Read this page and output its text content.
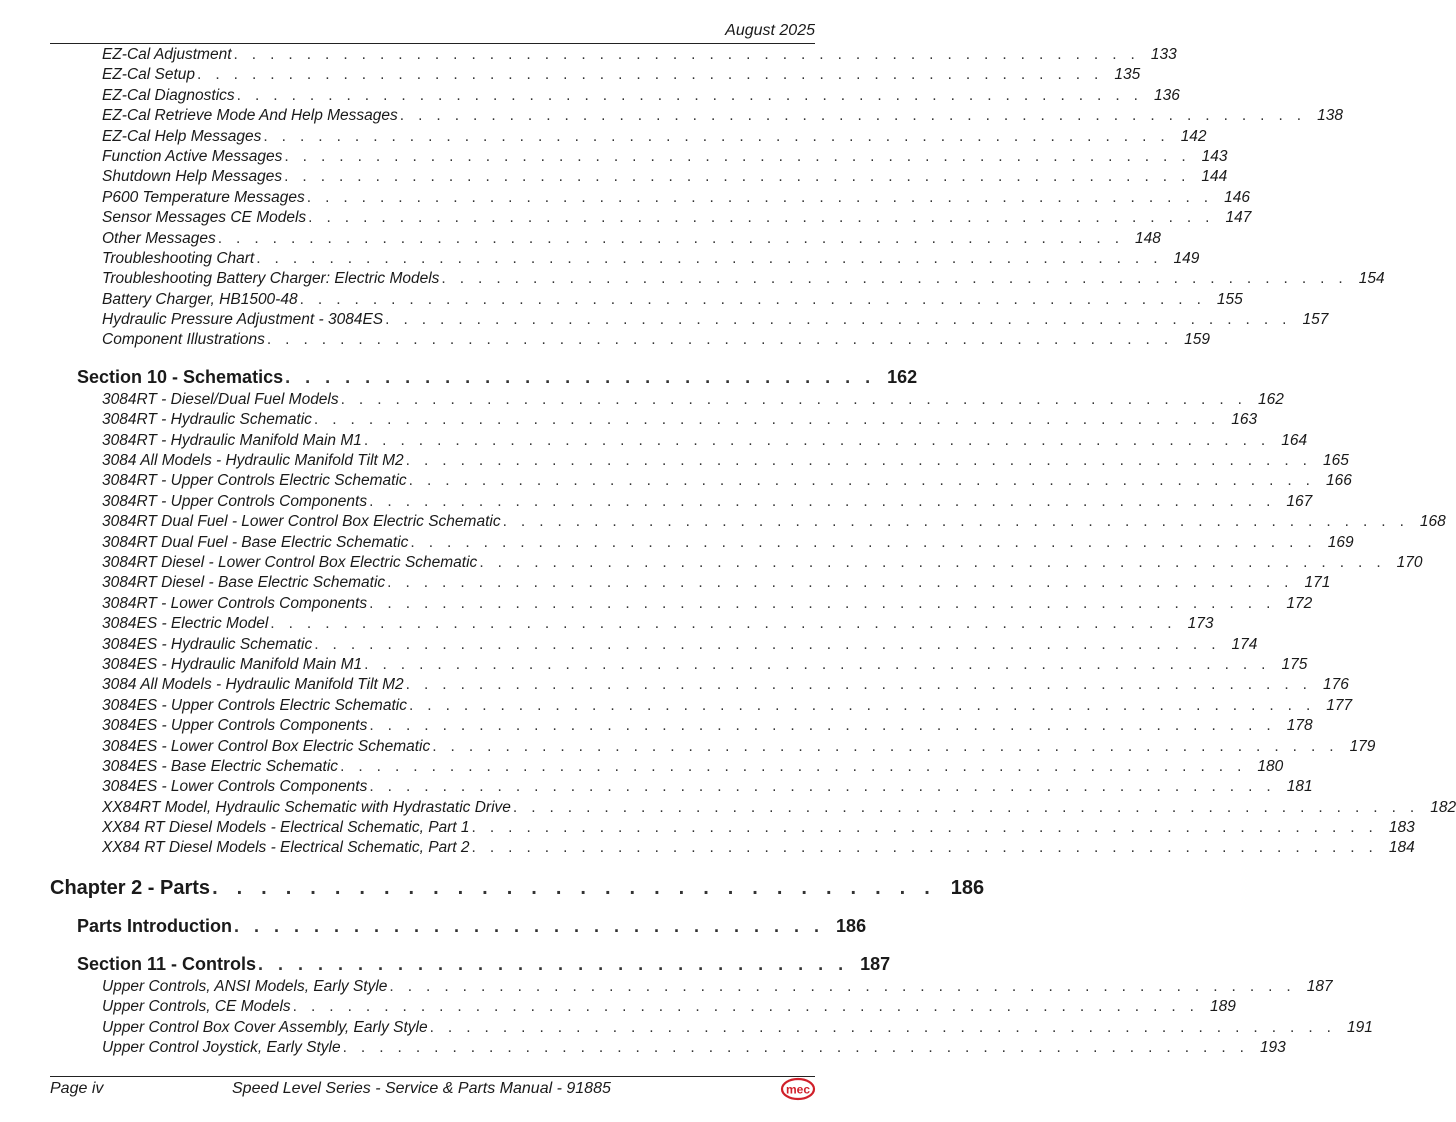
August 2025
EZ-Cal Adjustment .................................................. 133
EZ-Cal Setup .................................................. 135
EZ-Cal Diagnostics .................................................. 136
EZ-Cal Retrieve Mode And Help Messages .................................................. 138
EZ-Cal Help Messages .................................................. 142
Function Active Messages .................................................. 143
Shutdown Help Messages .................................................. 144
P600 Temperature Messages .................................................. 146
Sensor Messages CE Models .................................................. 147
Other Messages .................................................. 148
Troubleshooting Chart .................................................. 149
Troubleshooting Battery Charger: Electric Models .................................................. 154
Battery Charger, HB1500-48 .................................................. 155
Hydraulic Pressure Adjustment - 3084ES .................................................. 157
Component Illustrations .................................................. 159
Section 10 - Schematics .............................. 162
3084RT - Diesel/Dual Fuel Models .................................................. 162
3084RT - Hydraulic Schematic .................................................. 163
3084RT - Hydraulic Manifold Main M1 .................................................. 164
3084 All Models - Hydraulic Manifold Tilt M2 .................................................. 165
3084RT - Upper Controls Electric Schematic .................................................. 166
3084RT - Upper Controls Components .................................................. 167
3084RT Dual Fuel - Lower Control Box Electric Schematic .................................................. 168
3084RT Dual Fuel - Base Electric Schematic .................................................. 169
3084RT Diesel - Lower Control Box Electric Schematic .................................................. 170
3084RT Diesel - Base Electric Schematic .................................................. 171
3084RT - Lower Controls Components .................................................. 172
3084ES - Electric Model .................................................. 173
3084ES - Hydraulic Schematic .................................................. 174
3084ES - Hydraulic Manifold Main M1 .................................................. 175
3084 All Models - Hydraulic Manifold Tilt M2 .................................................. 176
3084ES - Upper Controls Electric Schematic .................................................. 177
3084ES - Upper Controls Components .................................................. 178
3084ES - Lower Control Box Electric Schematic .................................................. 179
3084ES - Base Electric Schematic .................................................. 180
3084ES - Lower Controls Components .................................................. 181
XX84RT Model, Hydraulic Schematic with Hydrastatic Drive .................................................. 182
XX84 RT Diesel Models - Electrical Schematic, Part 1 .................................................. 183
XX84 RT Diesel Models - Electrical Schematic, Part 2 .................................................. 184
Chapter 2 - Parts .............................. 186
Parts Introduction .............................. 186
Section 11 - Controls .............................. 187
Upper Controls, ANSI Models, Early Style .................................................. 187
Upper Controls, CE Models .................................................. 189
Upper Control Box Cover Assembly, Early Style .................................................. 191
Upper Control Joystick, Early Style .................................................. 193
Page iv	Speed Level Series - Service & Parts Manual - 91885	mec
